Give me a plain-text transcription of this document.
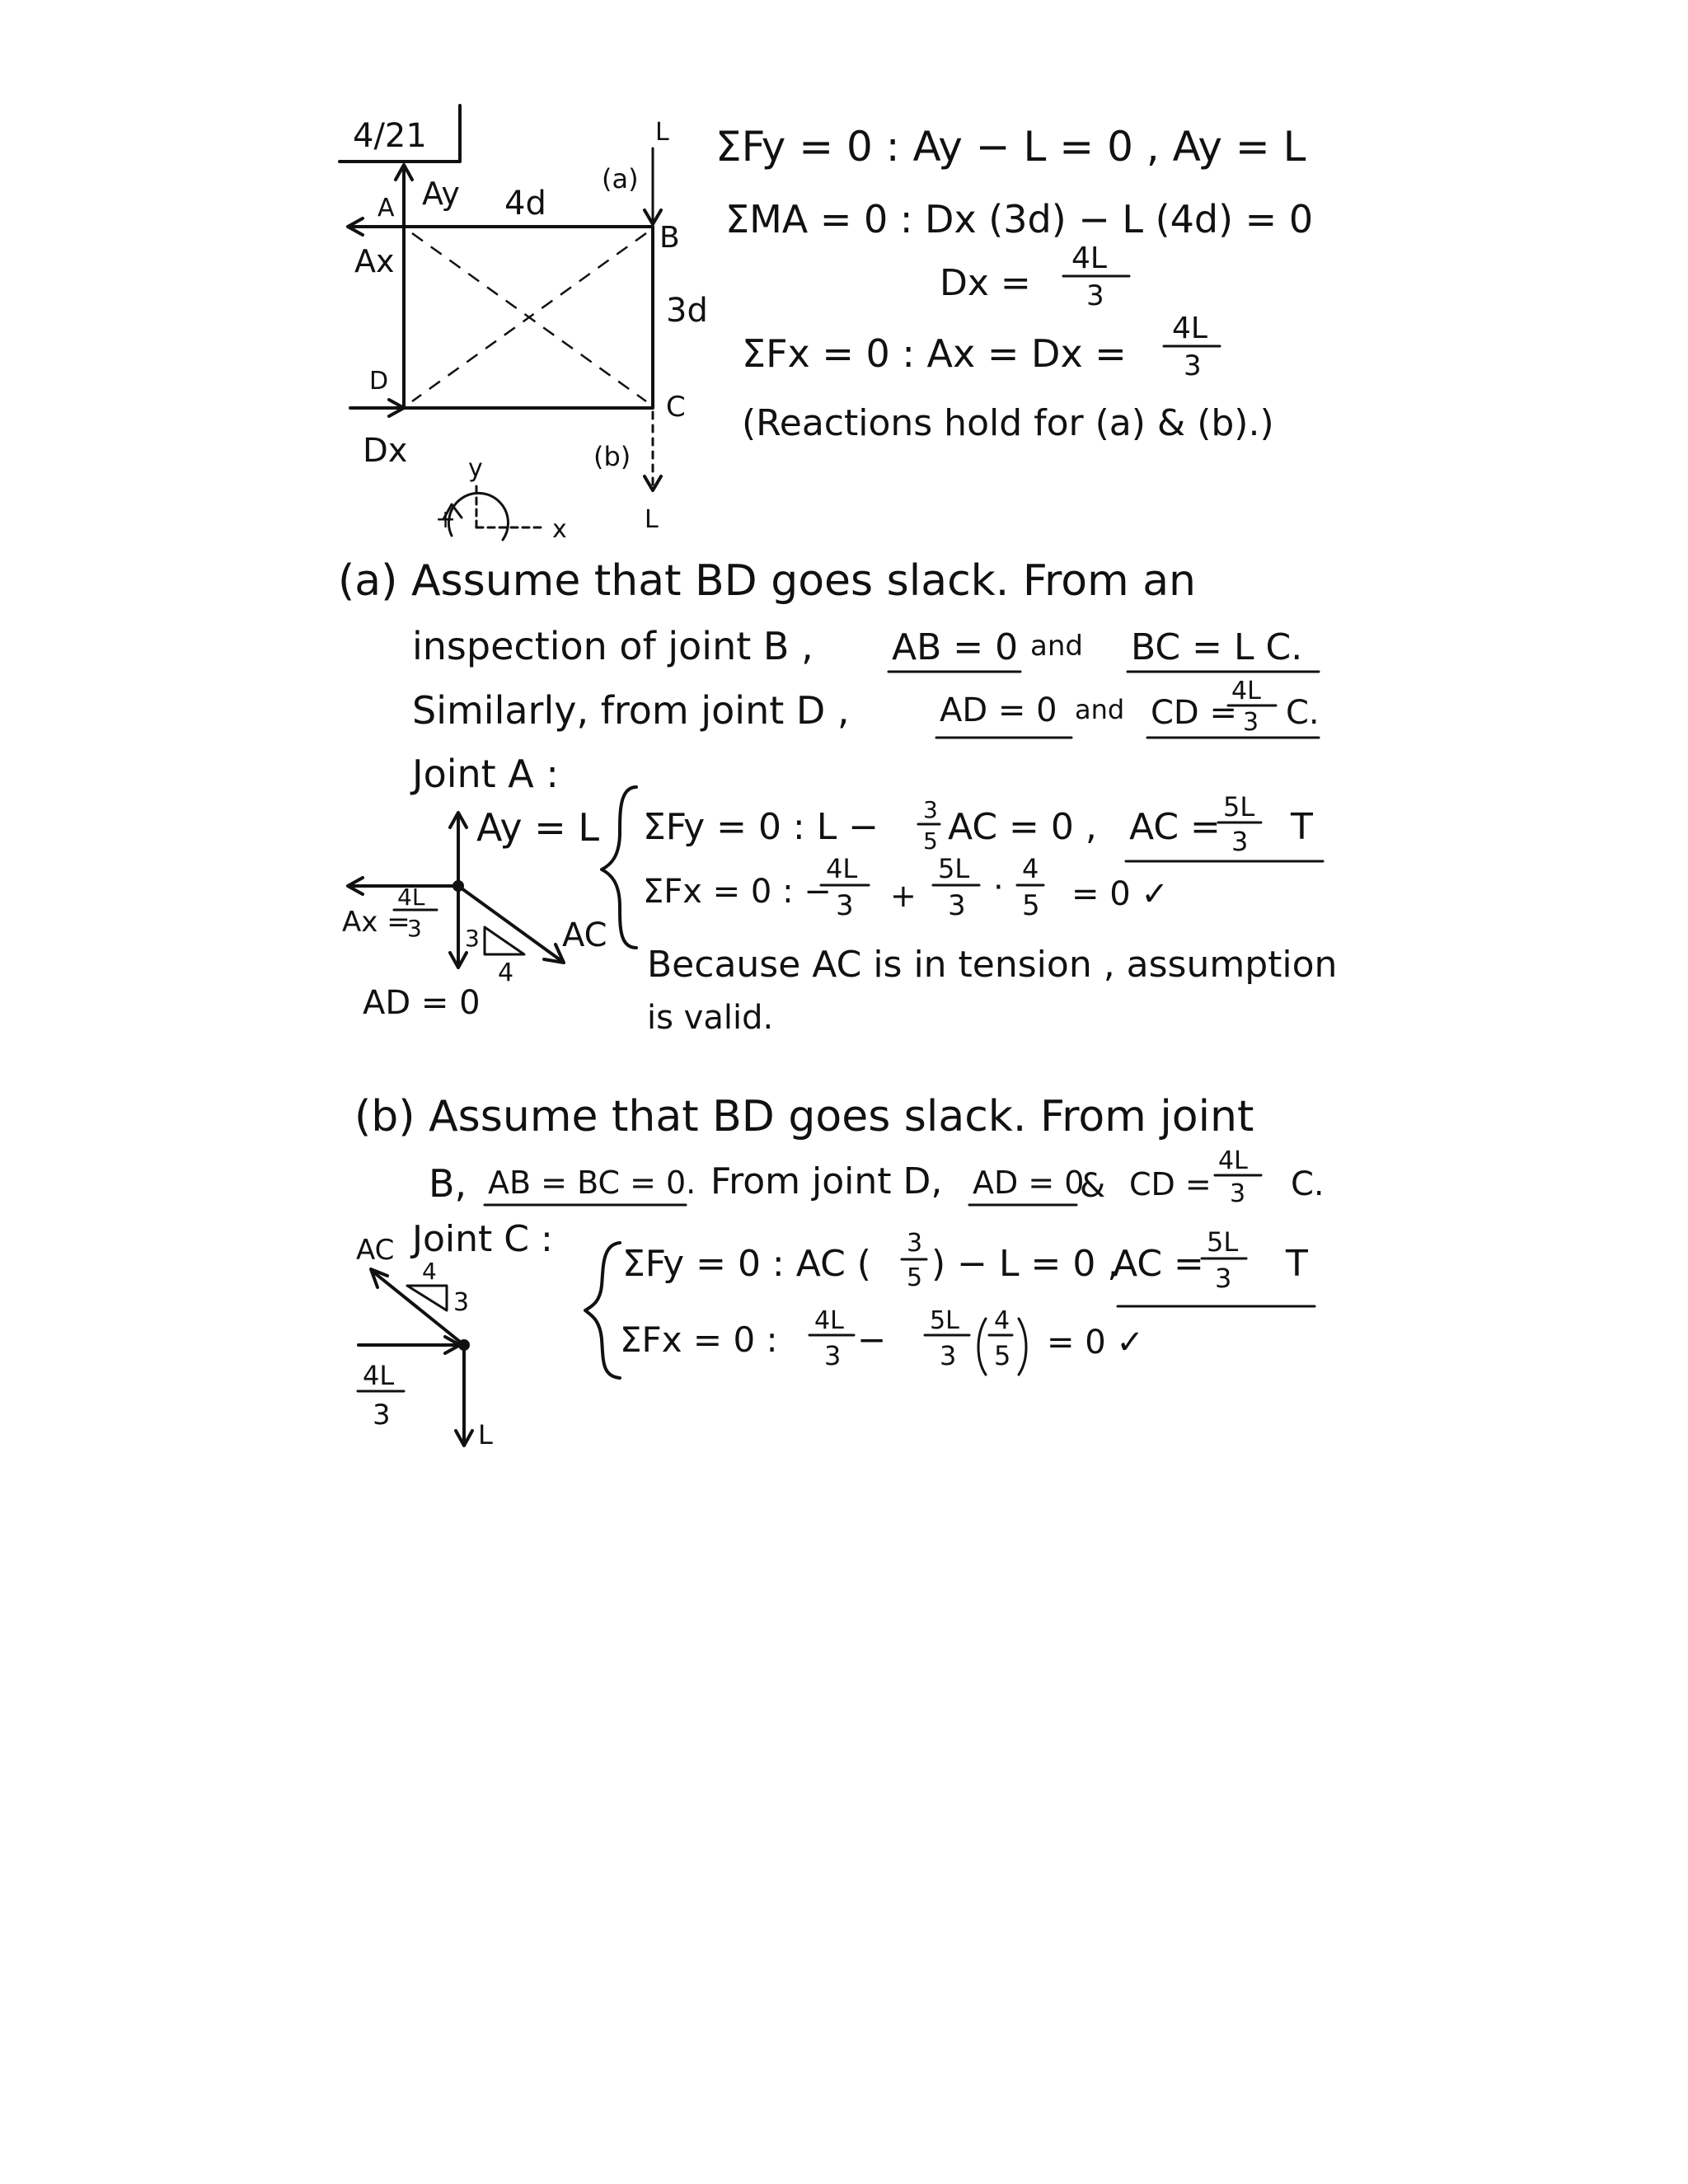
4/21
Ay
A
Ax
4d
B
L
(a)
3d
C
(b)
L
D
Dx y
x
+
ΣFy = 0 : Ay − L = 0 , Ay = L
ΣMA = 0 : Dx (3d) − L (4d) = 0
Dx =
4L
3
ΣFx = 0 : Ax = Dx =
4L
3
(Reactions hold for (a) & (b).)
(a) Assume that BD goes slack. From an
inspection of joint B , AB = 0 and BC = L C.
Similarly, from joint D ,	AD = 0 and CD =
4L
3 C.
Joint A :
ΣFy = 0 : L − 3
5 AC = 0 , AC = 5L
3 T
ΣFx = 0 : −
4L
3 +
5L
3 · 4
5 = 0 ✓
Ay = L
Ax =
4L
3
AD = 0
AC
3
4	Because AC is in tension , assumption
is valid.
(b) Assume that BD goes slack. From joint
B, AB = BC = 0. From joint D, AD = 0
& CD =
4L
3 C.
Joint C :
ΣFy = 0 : AC ( 3
5 ) − L = 0 ,
AC =
5L
3 T
ΣFx = 0 : 4L
3 − 5L
3
4
5 = 0 ✓
AC
4
3
4L
3
L
